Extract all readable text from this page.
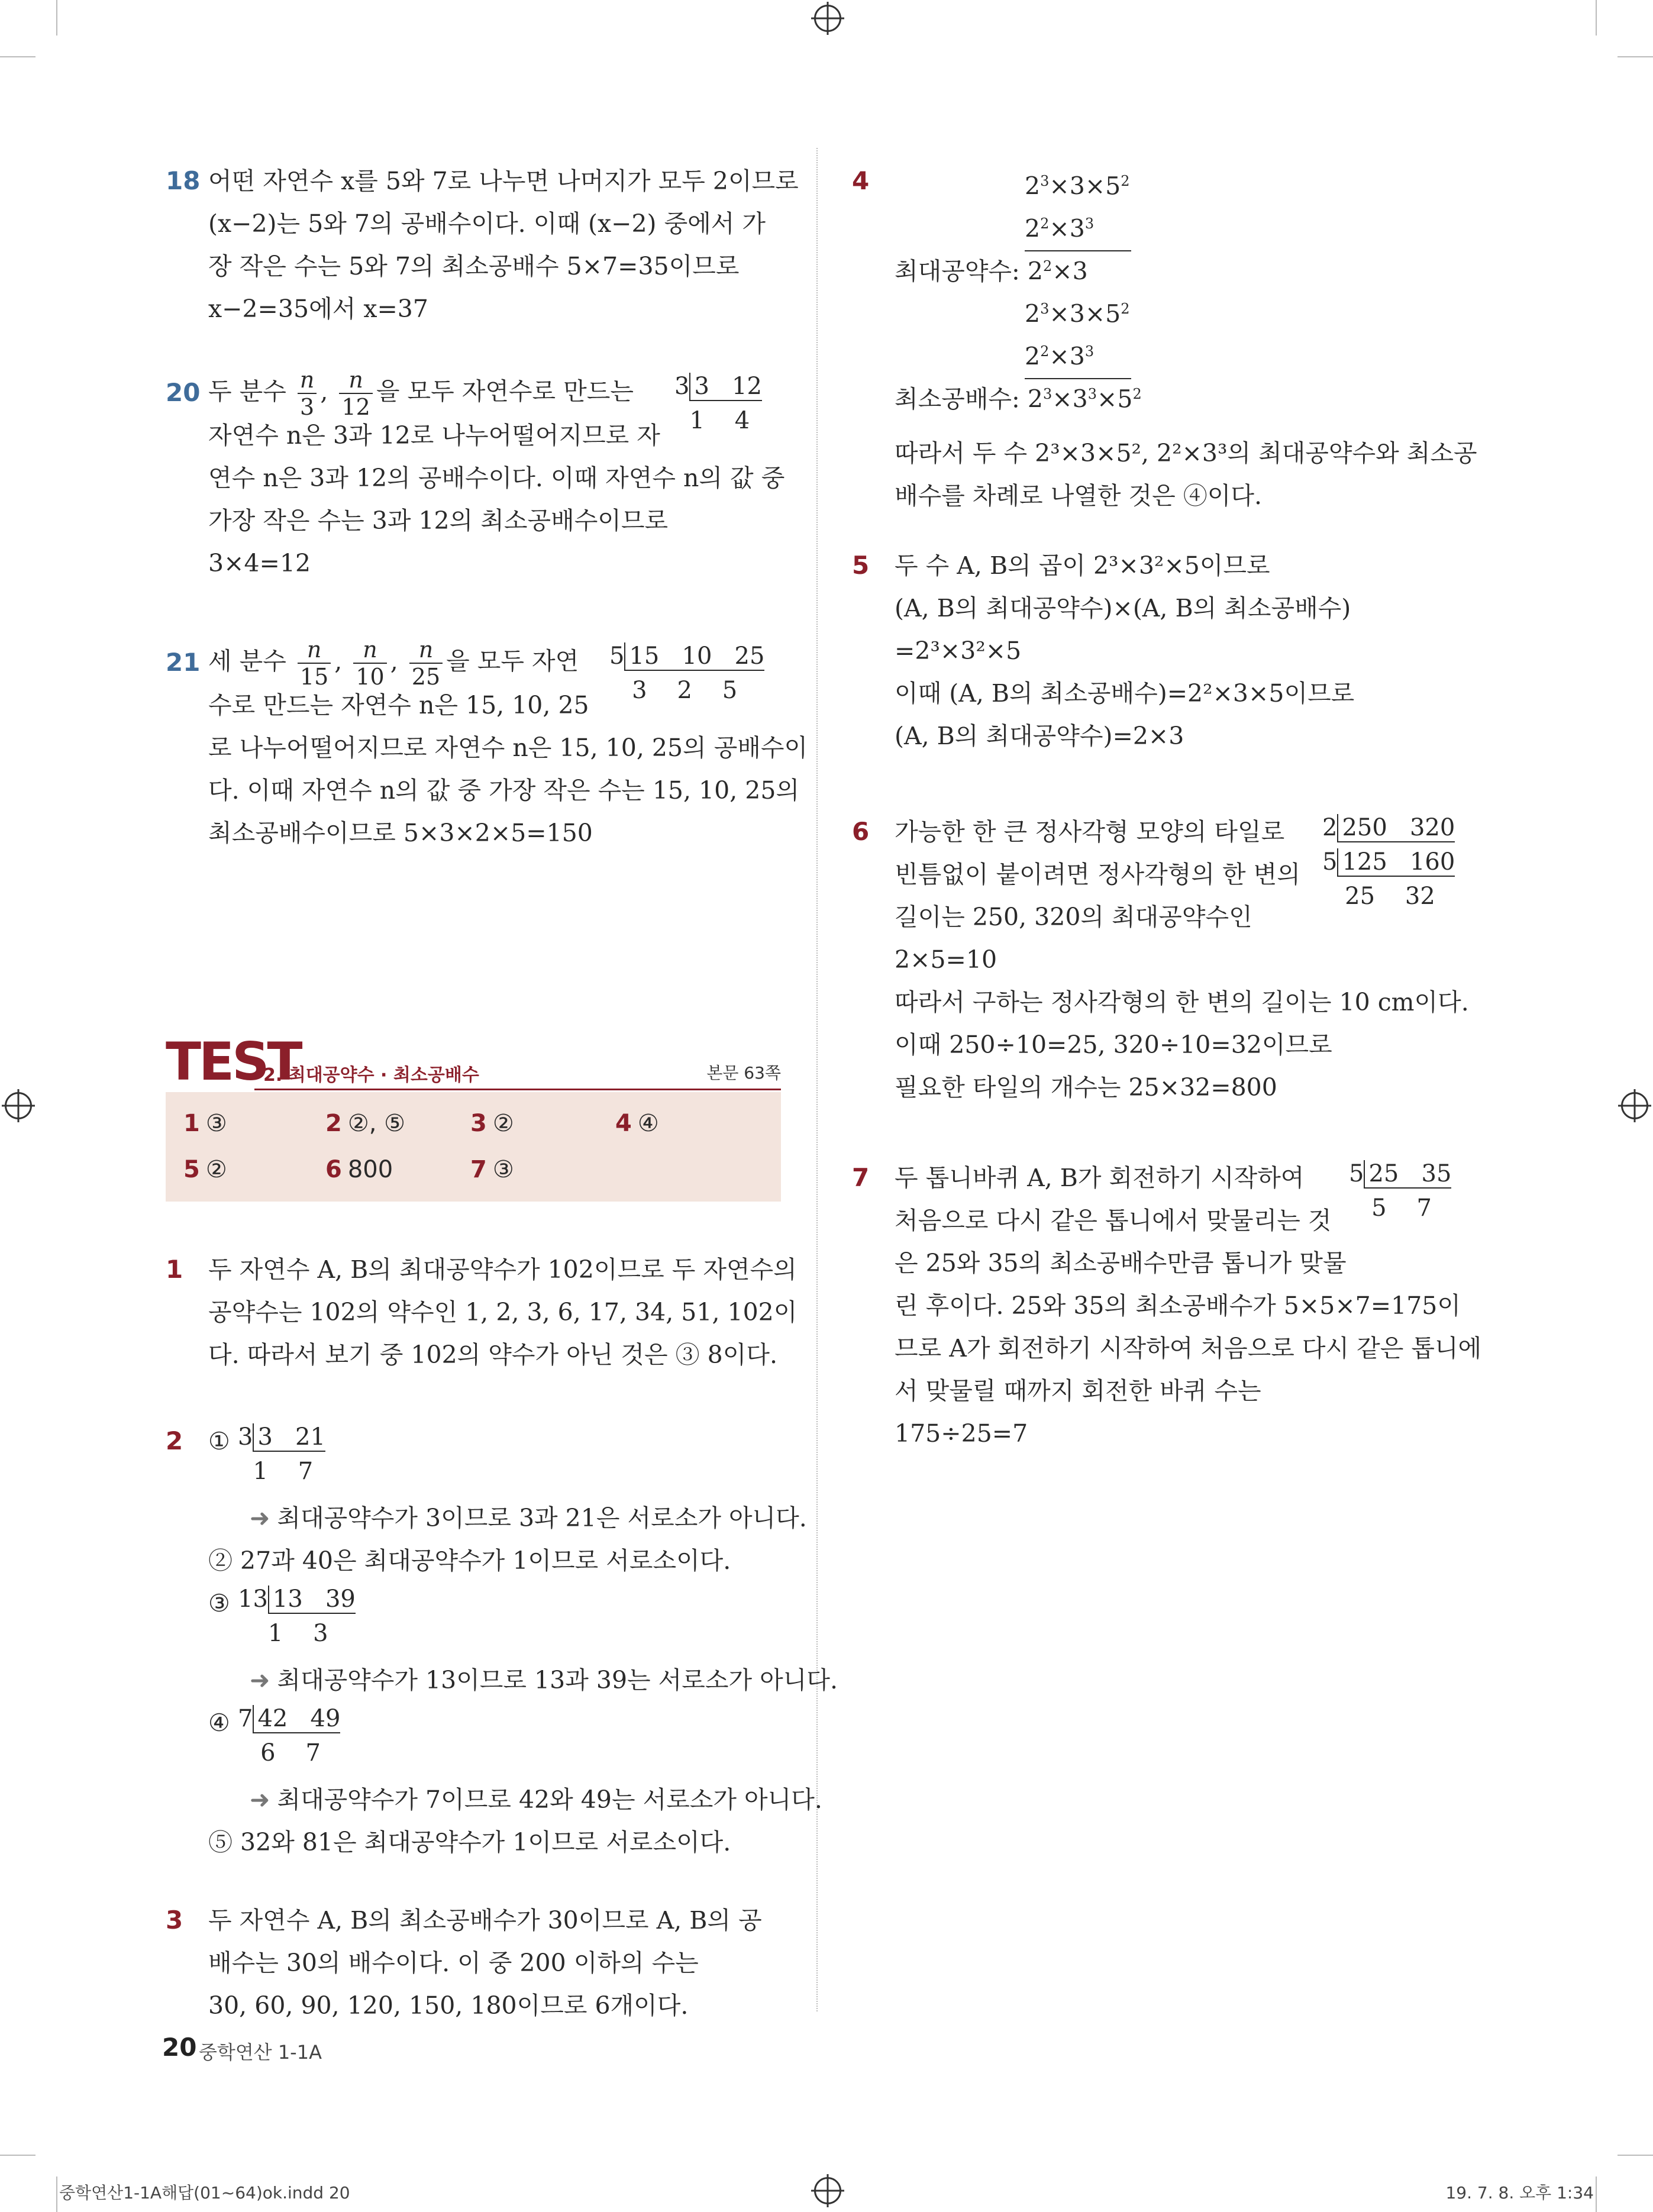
18 어떤 자연수 x를 5와 7로 나누면 나머지가 모두 2이므로
(x−2)는 5와 7의 공배수이다. 이때 (x−2) 중에서 가
장 작은 수는 5와 7의 최소공배수 5×7=35이므로
x−2=35에서 x=37
20 두 분수 $\frac{n}{3}$ , $\frac{n}{12}$ 을 모두 자연수로 만드는
자연수 n은 3과 12로 나누어떨어지므로 자
연수 n은 3과 12의 공배수이다. 이때 자연수 n의 값 중
가장 작은 수는 3과 12의 최소공배수이므로
3×4=12
3 3   12
1    4
21 세 분수 $\frac{n}{15}$ , $\frac{n}{10}$ , $\frac{n}{25}$ 을 모두 자연
수로 만드는 자연수 n은 15, 10, 25
로 나누어떨어지므로 자연수 n은 15, 10, 25의 공배수이
다. 이때 자연수 n의 값 중 가장 작은 수는 15, 10, 25의
최소공배수이므로 5×3×2×5=150
5 15   10   25
3    2    5
TEST
2. 최대공약수 · 최소공배수	본문 63쪽
1 ③	2 ②, ⑤	3 ②	4 ④
5 ②	6 800	7 ③
1 두 자연수 A, B의 최대공약수가 102이므로 두 자연수의
공약수는 102의 약수인 1, 2, 3, 6, 17, 34, 51, 102이
다. 따라서 보기 중 102의 약수가 아닌 것은 ③ 8이다.
2 ① 3 3   21
1    7
➜ 최대공약수가 3이므로 3과 21은 서로소가 아니다.
② 27과 40은 최대공약수가 1이므로 서로소이다.
③ 13 13   39
1    3
➜ 최대공약수가 13이므로 13과 39는 서로소가 아니다.
④ 7 42   49
6    7
➜ 최대공약수가 7이므로 42와 49는 서로소가 아니다.
⑤ 32와 81은 최대공약수가 1이므로 서로소이다.
3 두 자연수 A, B의 최소공배수가 30이므로 A, B의 공
배수는 30의 배수이다. 이 중 200 이하의 수는
30, 60, 90, 120, 150, 180이므로 6개이다.
4	$2^3\times 3\times 5^2$
$2^2\times 3^3$
최대공약수: $2^2\times 3$
$2^3\times 3\times 5^2$
$2^2\times 3^3$
최소공배수: $2^3\times 3^3\times 5^2$
따라서 두 수 2³×3×5², 2²×3³의 최대공약수와 최소공
배수를 차례로 나열한 것은 ④이다.
5 두 수 A, B의 곱이 2³×3²×5이므로
(A, B의 최대공약수)×(A, B의 최소공배수)
=2³×3²×5
이때 (A, B의 최소공배수)=2²×3×5이므로
(A, B의 최대공약수)=2×3
6 가능한 한 큰 정사각형 모양의 타일로
빈틈없이 붙이려면 정사각형의 한 변의
길이는 250, 320의 최대공약수인
2×5=10
따라서 구하는 정사각형의 한 변의 길이는 10 cm이다.
이때 250÷10=25, 320÷10=32이므로
필요한 타일의 개수는 25×32=800
2 250   320
5 125   160
25    32
7 두 톱니바퀴 A, B가 회전하기 시작하여
처음으로 다시 같은 톱니에서 맞물리는 것
은 25와 35의 최소공배수만큼 톱니가 맞물
린 후이다. 25와 35의 최소공배수가 5×5×7=175이
므로 A가 회전하기 시작하여 처음으로 다시 같은 톱니에
서 맞물릴 때까지 회전한 바퀴 수는
175÷25=7
5 25   35
5    7
20 중학연산 1-1A
중학연산1-1A해답(01~64)ok.indd 20	19. 7. 8. 오후 1:34
